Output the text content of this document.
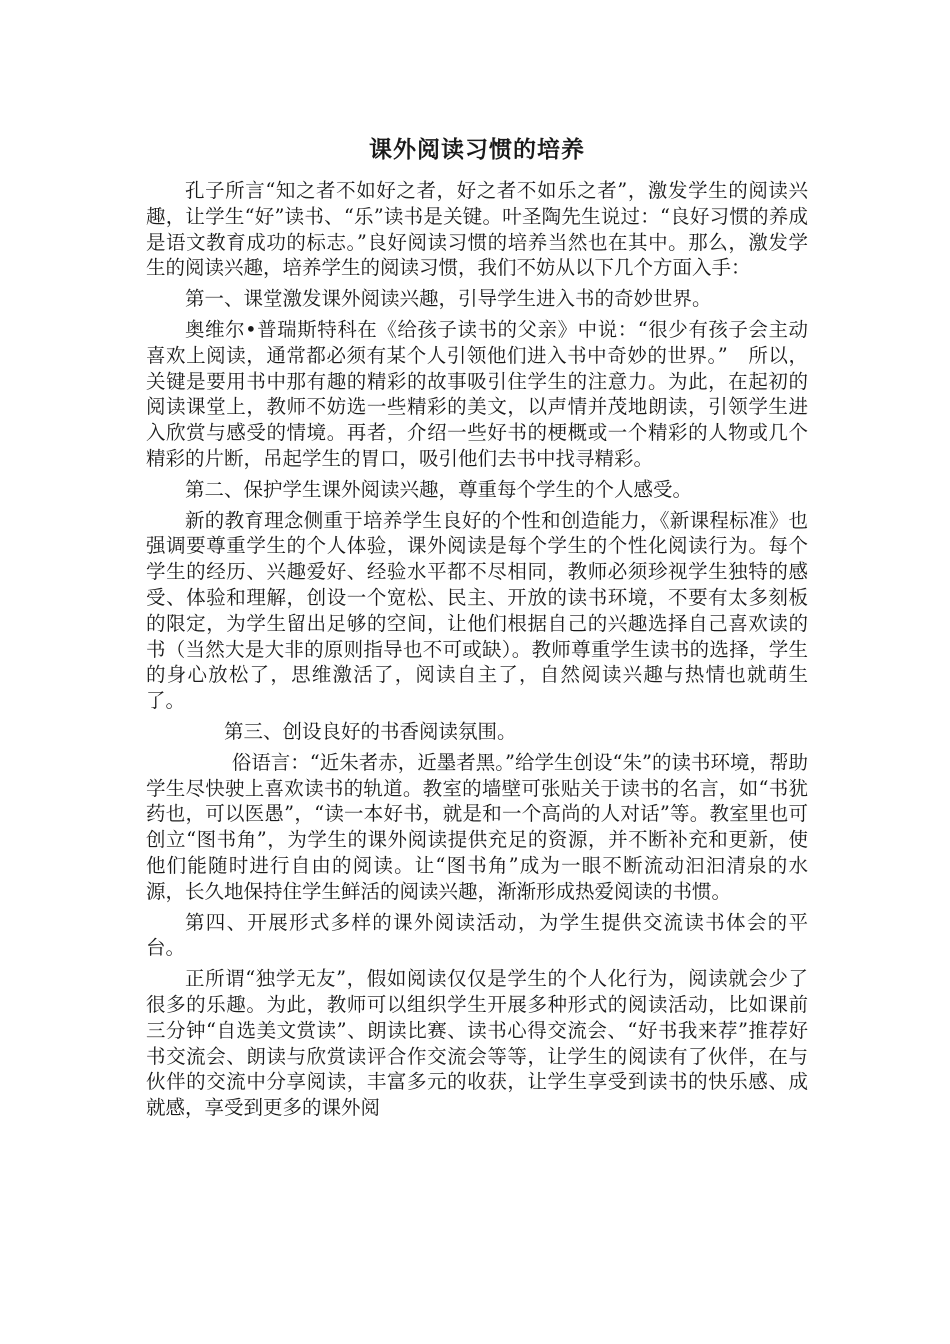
课外阅读习惯的培养

孔子所言“知之者不如好之者，好之者不如乐之者”，激发学生的阅读兴趣，让学生“好”读书、“乐”读书是关键。叶圣陶先生说过：“良好习惯的养成是语文教育成功的标志。”良好阅读习惯的培养当然也在其中。那么，激发学生的阅读兴趣，培养学生的阅读习惯，我们不妨从以下几个方面入手：

第一、课堂激发课外阅读兴趣，引导学生进入书的奇妙世界。

奥维尔•普瑞斯特科在《给孩子读书的父亲》中说：“很少有孩子会主动喜欢上阅读，通常都必须有某个人引领他们进入书中奇妙的世界。”　所以，关键是要用书中那有趣的精彩的故事吸引住学生的注意力。为此，在起初的阅读课堂上，教师不妨选一些精彩的美文，以声情并茂地朗读，引领学生进入欣赏与感受的情境。再者，介绍一些好书的梗概或一个精彩的人物或几个精彩的片断，吊起学生的胃口，吸引他们去书中找寻精彩。

第二、保护学生课外阅读兴趣，尊重每个学生的个人感受。

新的教育理念侧重于培养学生良好的个性和创造能力，《新课程标准》也强调要尊重学生的个人体验，课外阅读是每个学生的个性化阅读行为。每个学生的经历、兴趣爱好、经验水平都不尽相同，教师必须珍视学生独特的感受、体验和理解，创设一个宽松、民主、开放的读书环境，不要有太多刻板的限定，为学生留出足够的空间，让他们根据自己的兴趣选择自己喜欢读的书（当然大是大非的原则指导也不可或缺）。教师尊重学生读书的选择，学生的身心放松了，思维激活了，阅读自主了，自然阅读兴趣与热情也就萌生了。

第三、创设良好的书香阅读氛围。

俗语言：“近朱者赤，近墨者黑。”给学生创设“朱”的读书环境，帮助学生尽快驶上喜欢读书的轨道。教室的墙壁可张贴关于读书的名言，如“书犹药也，可以医愚”，“读一本好书，就是和一个高尚的人对话”等。教室里也可创立“图书角”，为学生的课外阅读提供充足的资源，并不断补充和更新，使他们能随时进行自由的阅读。让“图书角”成为一眼不断流动汩汩清泉的水源，长久地保持住学生鲜活的阅读兴趣，渐渐形成热爱阅读的书惯。

第四、开展形式多样的课外阅读活动，为学生提供交流读书体会的平台。

正所谓“独学无友”，假如阅读仅仅是学生的个人化行为，阅读就会少了很多的乐趣。为此，教师可以组织学生开展多种形式的阅读活动，比如课前三分钟“自选美文赏读”、朗读比赛、读书心得交流会、“好书我来荐”推荐好书交流会、朗读与欣赏读评合作交流会等等，让学生的阅读有了伙伴，在与伙伴的交流中分享阅读，丰富多元的收获，让学生享受到读书的快乐感、成就感，享受到更多的课外阅
